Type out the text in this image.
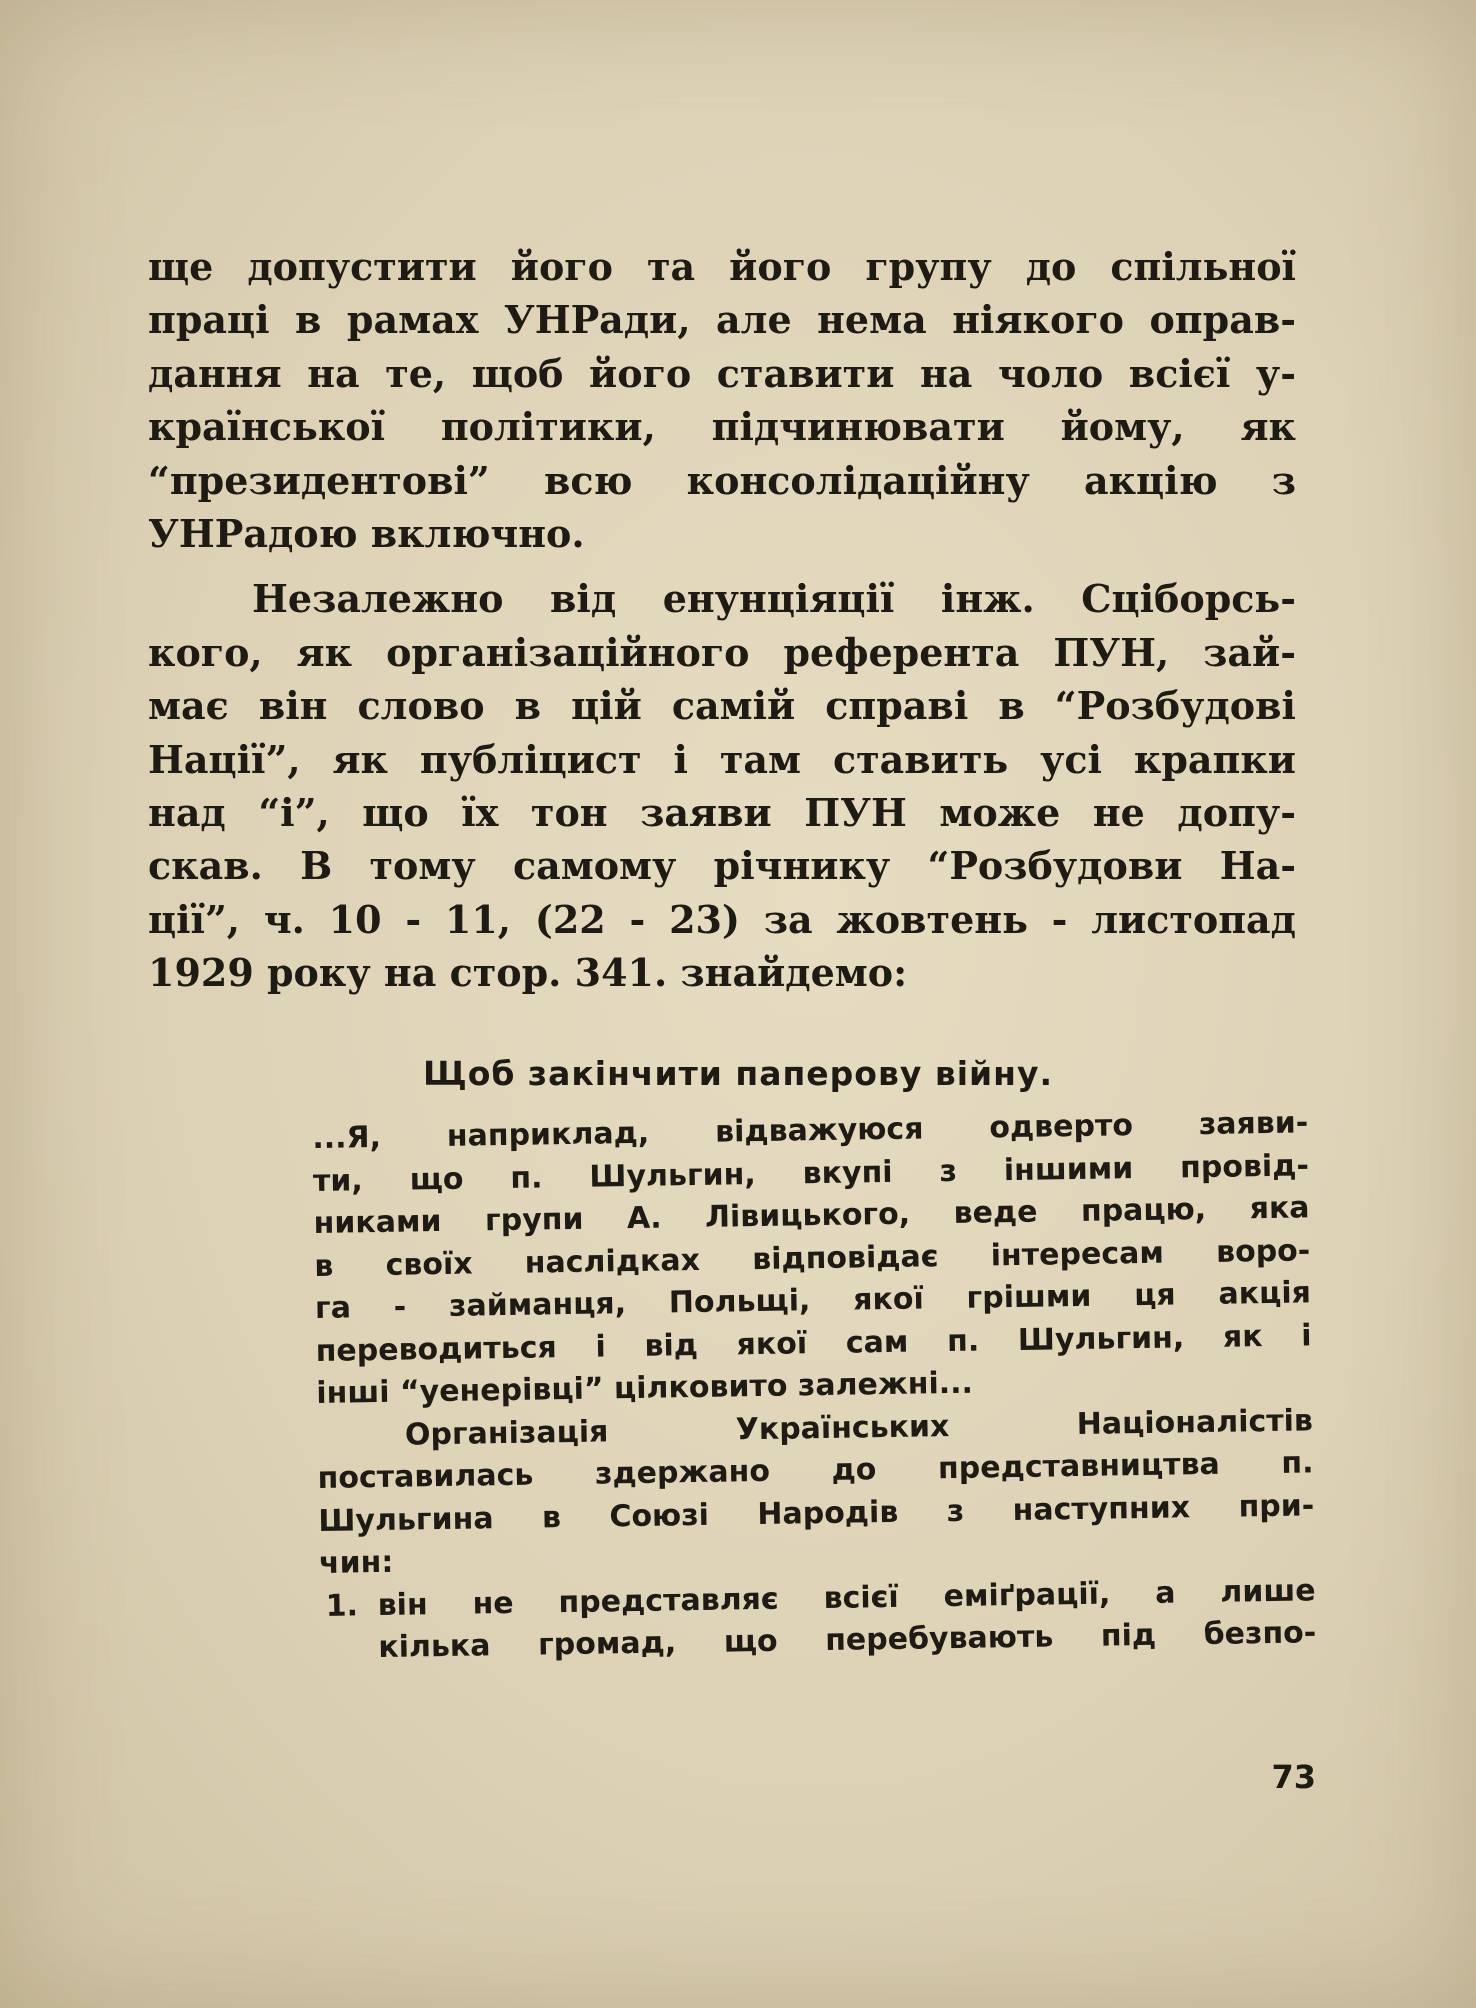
ще допустити його та його групу до спільної
праці в рамах УНРади, але нема ніякого оправ-
дання на те, щоб його ставити на чоло всієї у-
країнської політики, підчинювати йому, як
“президентові” всю консолідаційну акцію з
УНРадою включно.
Незалежно від енунціяції інж. Сціборсь-
кого, як організаційного референта ПУН, зай-
має він слово в цій самій справі в “Розбудові
Нації”, як публіцист і там ставить усі крапки
над “і”, що їх тон заяви ПУН може не допу-
скав. В тому самому річнику “Розбудови На-
ції”, ч. 10 - 11, (22 - 23) за жовтень - листопад
1929 року на стор. 341. знайдемо:
Щоб закінчити паперову війну.
...Я, наприклад, відважуюся одверто заяви-
ти, що п. Шульгин, вкупі з іншими провід-
никами групи А. Лівицького, веде працю, яка
в своїх наслідках відповідає інтересам воро-
га - займанця, Польщі, якої грішми ця акція
переводиться і від якої сам п. Шульгин, як і
інші “уенерівці” цілковито залежні...
Організація Українських Націоналістів
поставилась здержано до представництва п.
Шульгина в Союзі Народів з наступних при-
чин:
1. він не представляє всієї еміґрації, а лише
кілька громад, що перебувають під безпо-
73
